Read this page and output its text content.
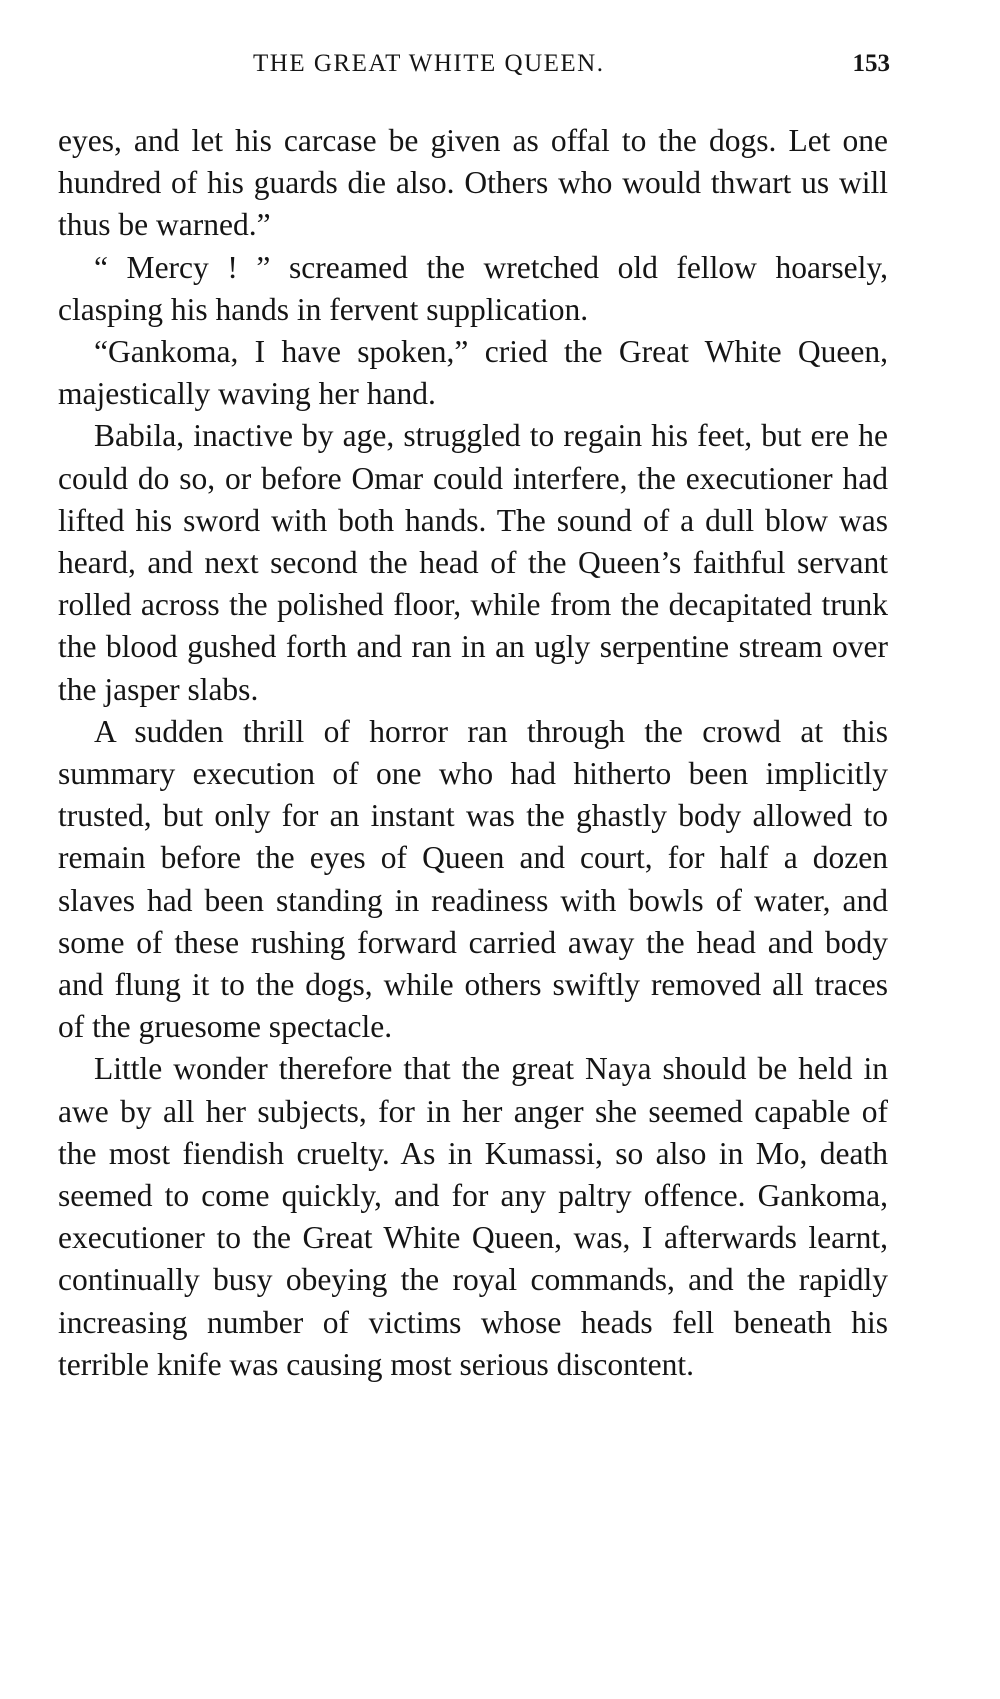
THE GREAT WHITE QUEEN.	153

eyes, and let his carcase be given as offal to the dogs. Let one hundred of his guards die also. Others who would thwart us will thus be warned.”

“ Mercy ! ” screamed the wretched old fellow hoarsely, clasping his hands in fervent supplication.

“Gankoma, I have spoken,” cried the Great White Queen, majestically waving her hand.

Babila, inactive by age, struggled to regain his feet, but ere he could do so, or before Omar could interfere, the executioner had lifted his sword with both hands. The sound of a dull blow was heard, and next second the head of the Queen’s faithful servant rolled across the polished floor, while from the decapitated trunk the blood gushed forth and ran in an ugly serpentine stream over the jasper slabs.

A sudden thrill of horror ran through the crowd at this summary execution of one who had hitherto been implicitly trusted, but only for an instant was the ghastly body allowed to remain before the eyes of Queen and court, for half a dozen slaves had been standing in readiness with bowls of water, and some of these rushing forward carried away the head and body and flung it to the dogs, while others swiftly removed all traces of the gruesome spectacle.

Little wonder therefore that the great Naya should be held in awe by all her subjects, for in her anger she seemed capable of the most fiendish cruelty. As in Kumassi, so also in Mo, death seemed to come quickly, and for any paltry offence. Gankoma, executioner to the Great White Queen, was, I afterwards learnt, continually busy obeying the royal commands, and the rapidly increasing number of victims whose heads fell beneath his terrible knife was causing most serious discontent.
